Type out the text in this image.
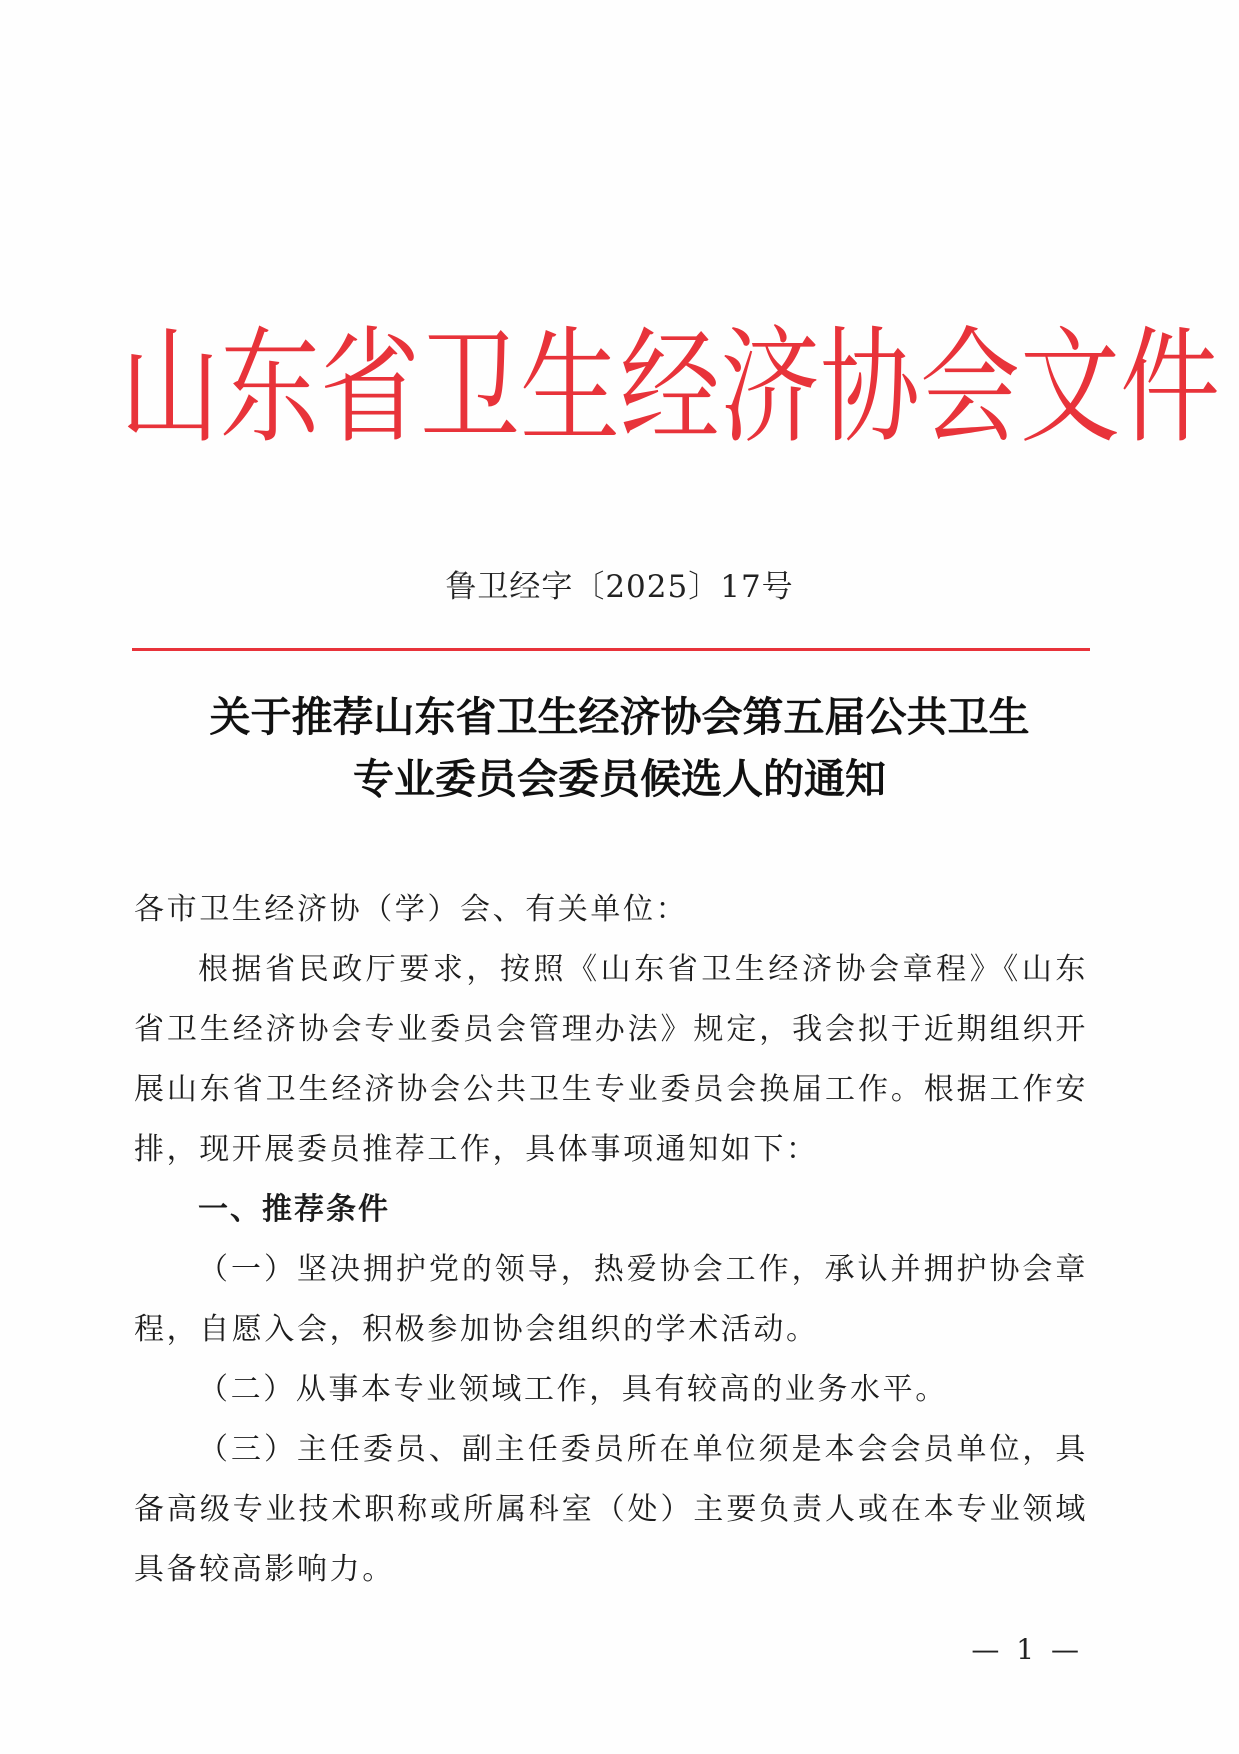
山东省卫生经济协会文件
鲁卫经字〔2025〕17号
关于推荐山东省卫生经济协会第五届公共卫生
专业委员会委员候选人的通知

各市卫生经济协（学）会、有关单位：

根据省民政厅要求，按照《山东省卫生经济协会章程》《山东省卫生经济协会专业委员会管理办法》规定，我会拟于近期组织开展山东省卫生经济协会公共卫生专业委员会换届工作。根据工作安排，现开展委员推荐工作，具体事项通知如下：

一、推荐条件

（一）坚决拥护党的领导，热爱协会工作，承认并拥护协会章程，自愿入会，积极参加协会组织的学术活动。

（二）从事本专业领域工作，具有较高的业务水平。

（三）主任委员、副主任委员所在单位须是本会会员单位，具备高级专业技术职称或所属科室（处）主要负责人或在本专业领域具备较高影响力。

— 1 —
